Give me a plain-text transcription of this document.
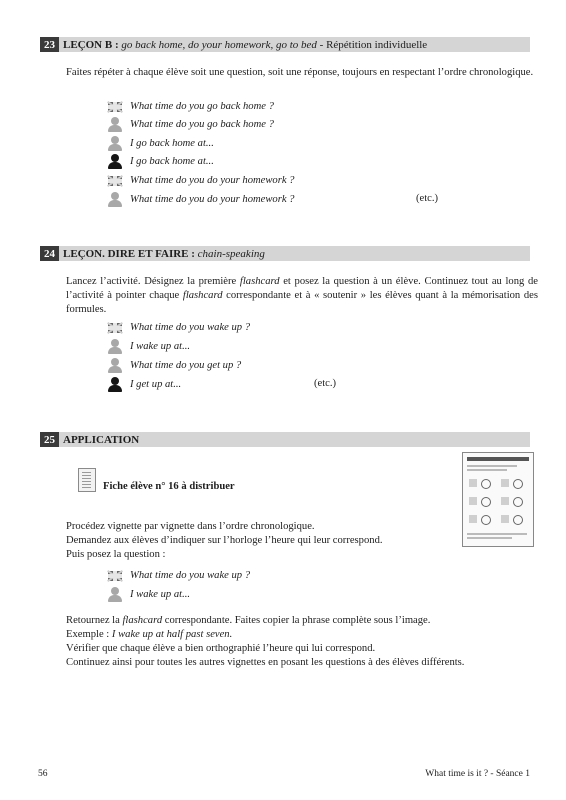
23 LEÇON B : go back home, do your homework, go to bed - Répétition individuelle
Faites répéter à chaque élève soit une question, soit une réponse, toujours en respectant l’ordre chronologique.
What time do you go back home ?
What time do you go back home ?
I go back home at...
I go back home at...
What time do you do your homework ?
What time do you do your homework ?	(etc.)
24 LEÇON. DIRE ET FAIRE : chain-speaking
Lancez l’activité. Désignez la première flashcard et posez la question à un élève. Continuez tout au long de l’activité à pointer chaque flashcard correspondante et à « soutenir » les élèves quant à la mémorisation des formules.
What time do you wake up ?
I wake up at...
What time do you get up ?
I get up at...	(etc.)
25 APPLICATION
Fiche élève n° 16 à distribuer
Procédez vignette par vignette dans l’ordre chronologique.
Demandez aux élèves d’indiquer sur l’horloge l’heure qui leur correspond.
Puis posez la question :
What time do you wake up ?
I wake up at...
Retournez la flashcard correspondante. Faites copier la phrase complète sous l’image.
Exemple : I wake up at half past seven.
Vérifier que chaque élève a bien orthographié l’heure qui lui correspond.
Continuez ainsi pour toutes les autres vignettes en posant les questions à des élèves différents.
56	What time is it ? - Séance 1
